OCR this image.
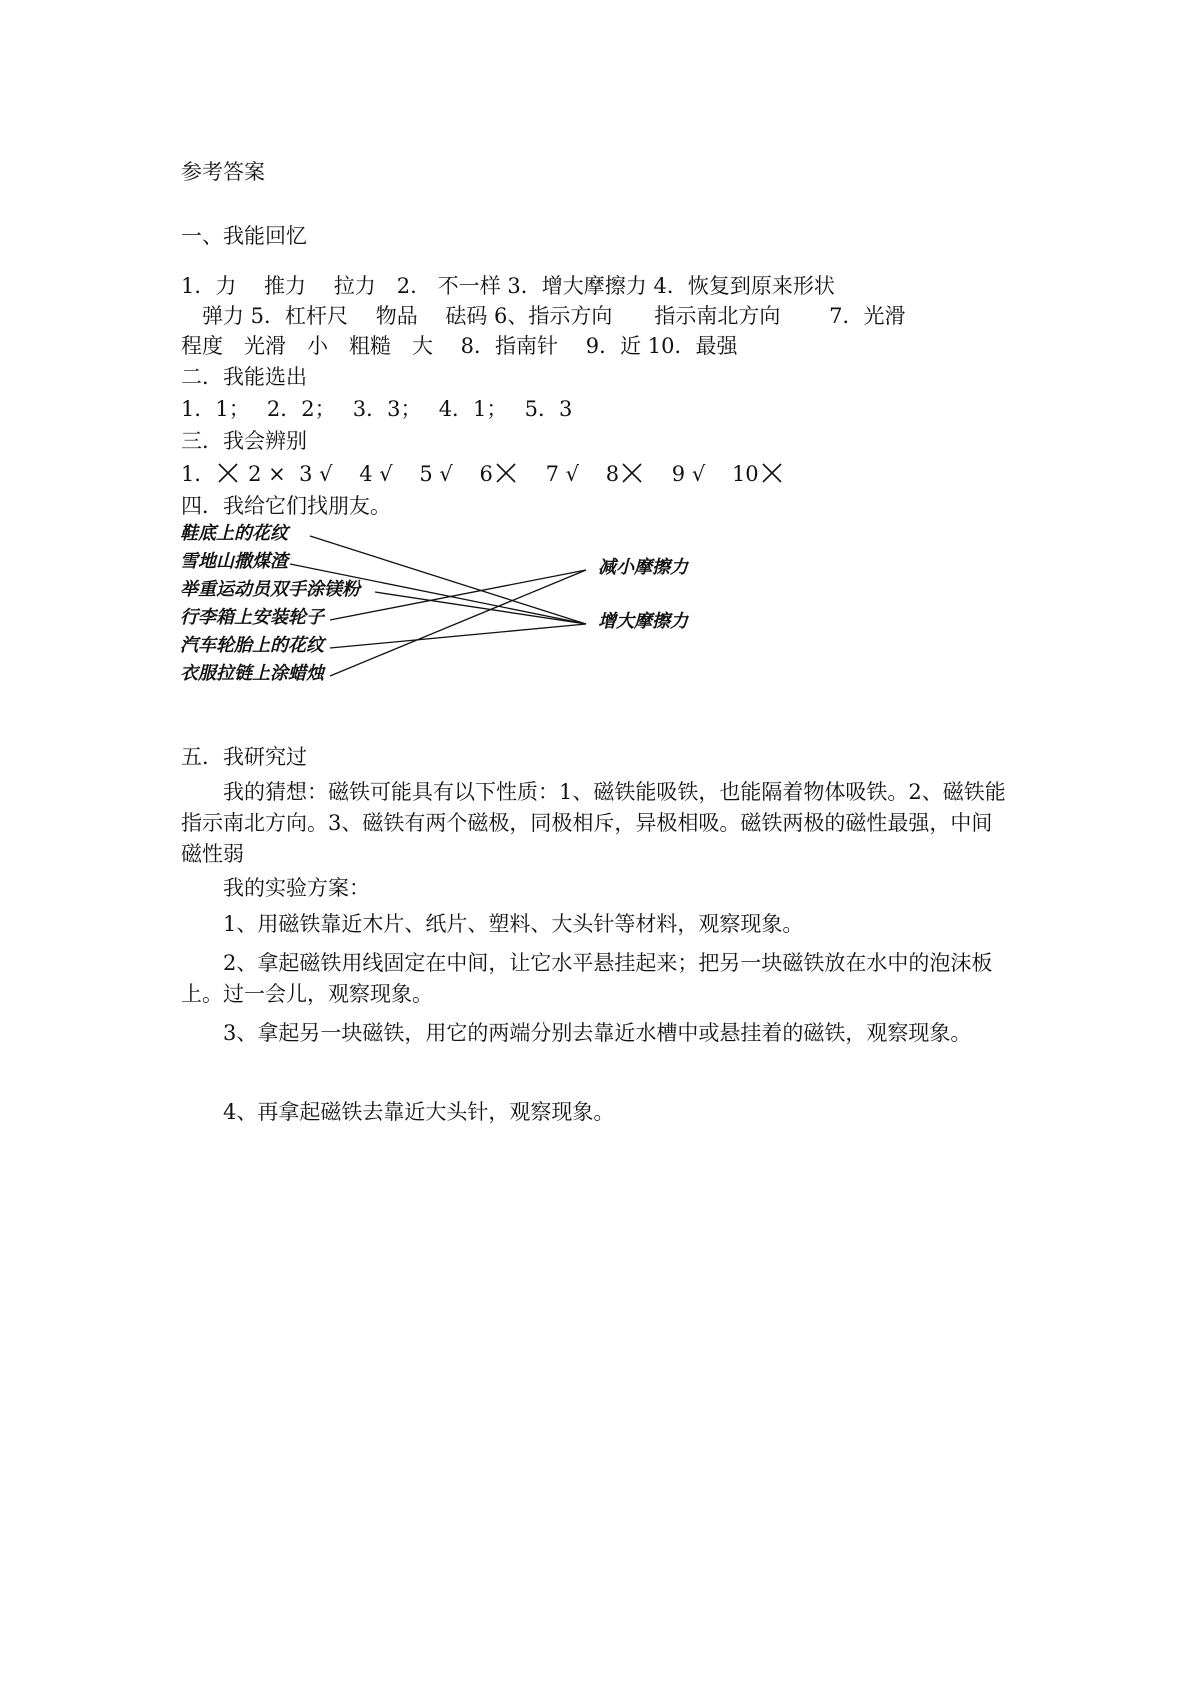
参考答案
一、我能回忆
1．力　 推力　 拉力　2.　不一样 3．增大摩擦力 4．恢复到原来形状
　弹力 5．杠杆尺　 物品　 砝码 6、指示方向　　指示南北方向　　 7．光滑
程度　光滑　小　粗糙　大　 8．指南针　 9．近 10．最强
二．我能选出
1．1；　 2．2；　 3．3；　 4．1；　 5．3
三．我会辨别
1． 2 × 3 √ 4 √ 5 √ 6	7 √ 8	9 √ 10
四．我给它们找朋友。
鞋底上的花纹
雪地山撒煤渣
举重运动员双手涂镁粉
行李箱上安装轮子
汽车轮胎上的花纹
衣服拉链上涂蜡烛
减小摩擦力
增大摩擦力
五．我研究过
我的猜想：磁铁可能具有以下性质：1、磁铁能吸铁，也能隔着物体吸铁。2、磁铁能指示南北方向。3、磁铁有两个磁极，同极相斥，异极相吸。磁铁两极的磁性最强，中间磁性弱
我的实验方案：
1、用磁铁靠近木片、纸片、塑料、大头针等材料，观察现象。
2、拿起磁铁用线固定在中间，让它水平悬挂起来；把另一块磁铁放在水中的泡沫板上。过一会儿，观察现象。
3、拿起另一块磁铁，用它的两端分别去靠近水槽中或悬挂着的磁铁，观察现象。
4、再拿起磁铁去靠近大头针，观察现象。
